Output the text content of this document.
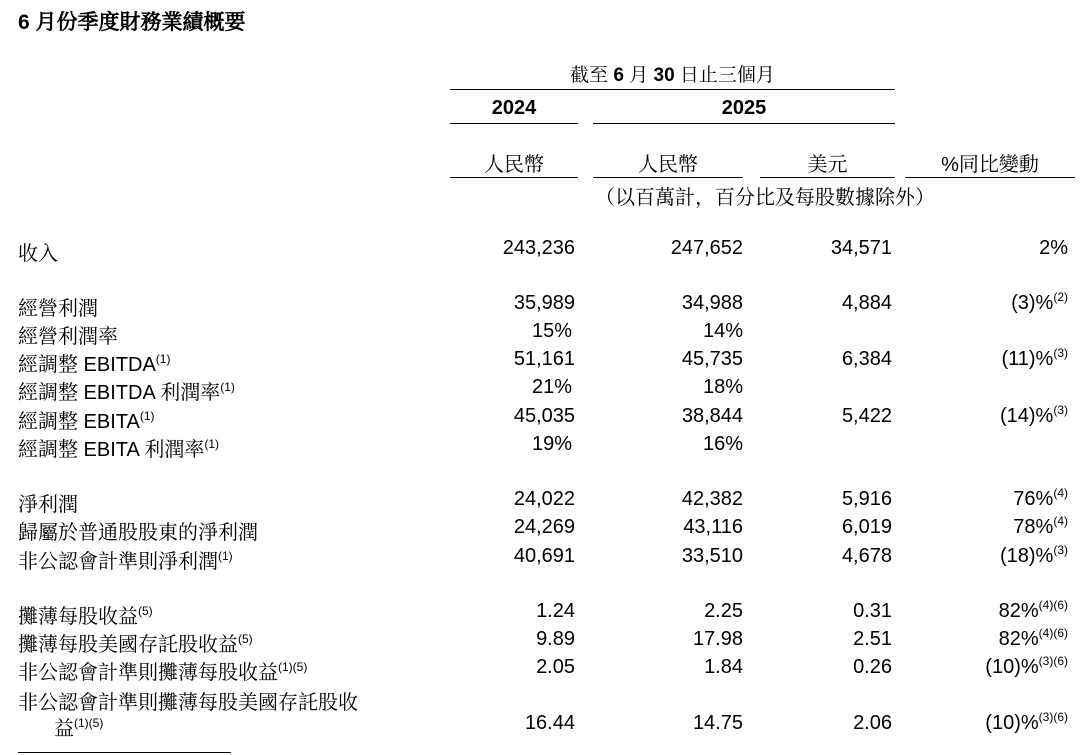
6 月份季度財務業績概要
截至 6 月 30 日止三個月
2024	2025
人民幣	人民幣	美元	%同比變動
（以百萬計，百分比及每股數據除外）
收入	243,236	247,652	34,571	2%
經營利潤	35,989	34,988	4,884	(3)%$^{(2)}$
經營利潤率	15%	14%
經調整 EBITDA$^{(1)}$	51,161	45,735	6,384	(11)%$^{(3)}$
經調整 EBITDA 利潤率$^{(1)}$	21%	18%
經調整 EBITA$^{(1)}$	45,035	38,844	5,422	(14)%$^{(3)}$
經調整 EBITA 利潤率$^{(1)}$	19%	16%
淨利潤	24,022	42,382	5,916	76%$^{(4)}$
歸屬於普通股股東的淨利潤	24,269	43,116	6,019	78%$^{(4)}$
非公認會計準則淨利潤$^{(1)}$	40,691	33,510	4,678	(18)%$^{(3)}$
攤薄每股收益$^{(5)}$	1.24	2.25	0.31	82%$^{(4)(6)}$
攤薄每股美國存託股收益$^{(5)}$	9.89	17.98	2.51	82%$^{(4)(6)}$
非公認會計準則攤薄每股收益$^{(1)(5)}$	2.05	1.84	0.26	(10)%$^{(3)(6)}$
非公認會計準則攤薄每股美國存託股收
益$^{(1)(5)}$	16.44	14.75	2.06	(10)%$^{(3)(6)}$
